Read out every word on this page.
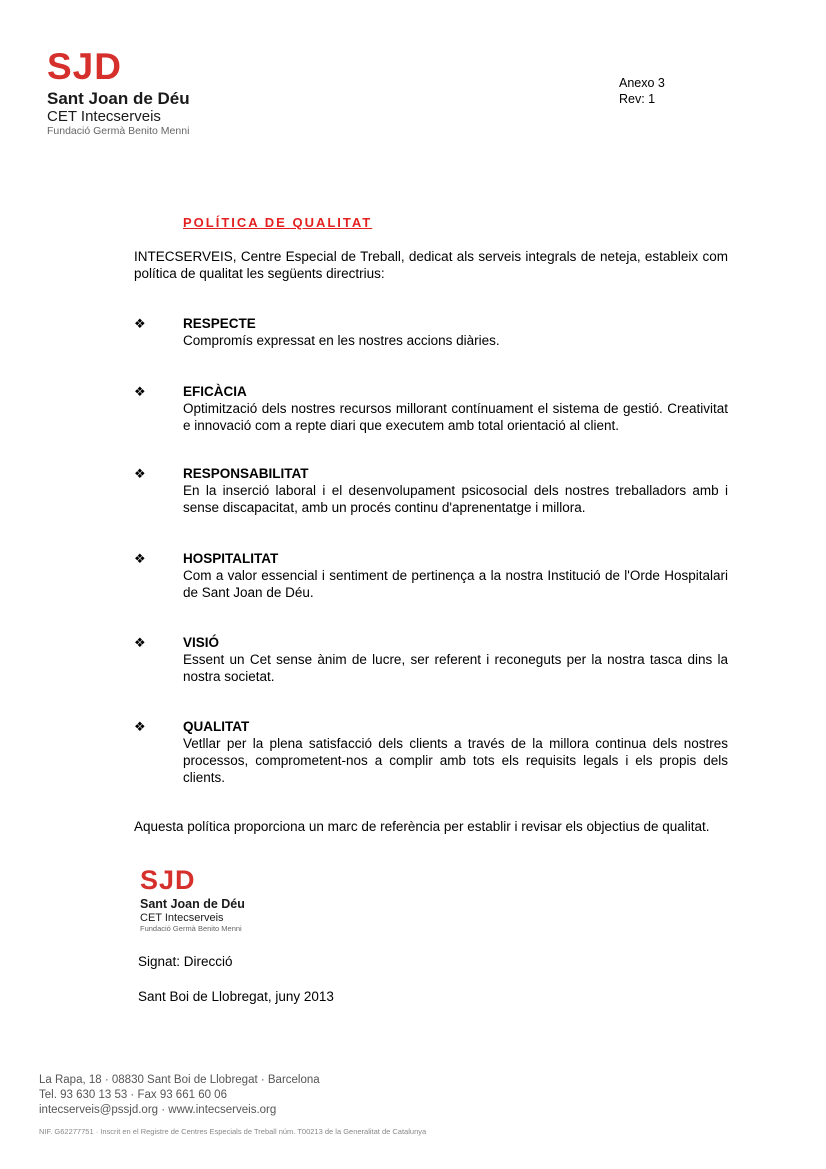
SJD
Sant Joan de Déu
CET Intecserveis
Fundació Germà Benito Menni
Anexo 3
Rev: 1
POLÍTICA DE QUALITAT
INTECSERVEIS, Centre Especial de Treball, dedicat als serveis integrals de neteja, estableix com política de qualitat les següents directrius:
❖	RESPECTE
Compromís expressat en les nostres accions diàries.
❖	EFICÀCIA
Optimització dels nostres recursos millorant contínuament el sistema de gestió. Creativitat e innovació com a repte diari que executem amb total orientació al client.
❖	RESPONSABILITAT
En la inserció laboral i el desenvolupament psicosocial dels nostres treballadors amb i sense discapacitat, amb un procés continu d'aprenentatge i millora.
❖	HOSPITALITAT
Com a valor essencial i sentiment de pertinença a la nostra Institució de l'Orde Hospitalari de Sant Joan de Déu.
❖	VISIÓ
Essent un Cet sense ànim de lucre, ser referent i reconeguts per la nostra tasca dins la nostra societat.
❖	QUALITAT
Vetllar per la plena satisfacció dels clients a través de la millora continua dels nostres processos, comprometent-nos a complir amb tots els requisits legals i els propis dels clients.
Aquesta política proporciona un marc de referència per establir i revisar els objectius de qualitat.
SJD
Sant Joan de Déu
CET Intecserveis
Fundació Germà Benito Menni
Signat: Direcció
Sant Boi de Llobregat, juny 2013
La Rapa, 18 · 08830 Sant Boi de Llobregat · Barcelona
Tel. 93 630 13 53 · Fax 93 661 60 06
intecserveis@pssjd.org · www.intecserveis.org
NIF. G62277751 · Inscrit en el Registre de Centres Especials de Treball núm. T00213 de la Generalitat de Catalunya
